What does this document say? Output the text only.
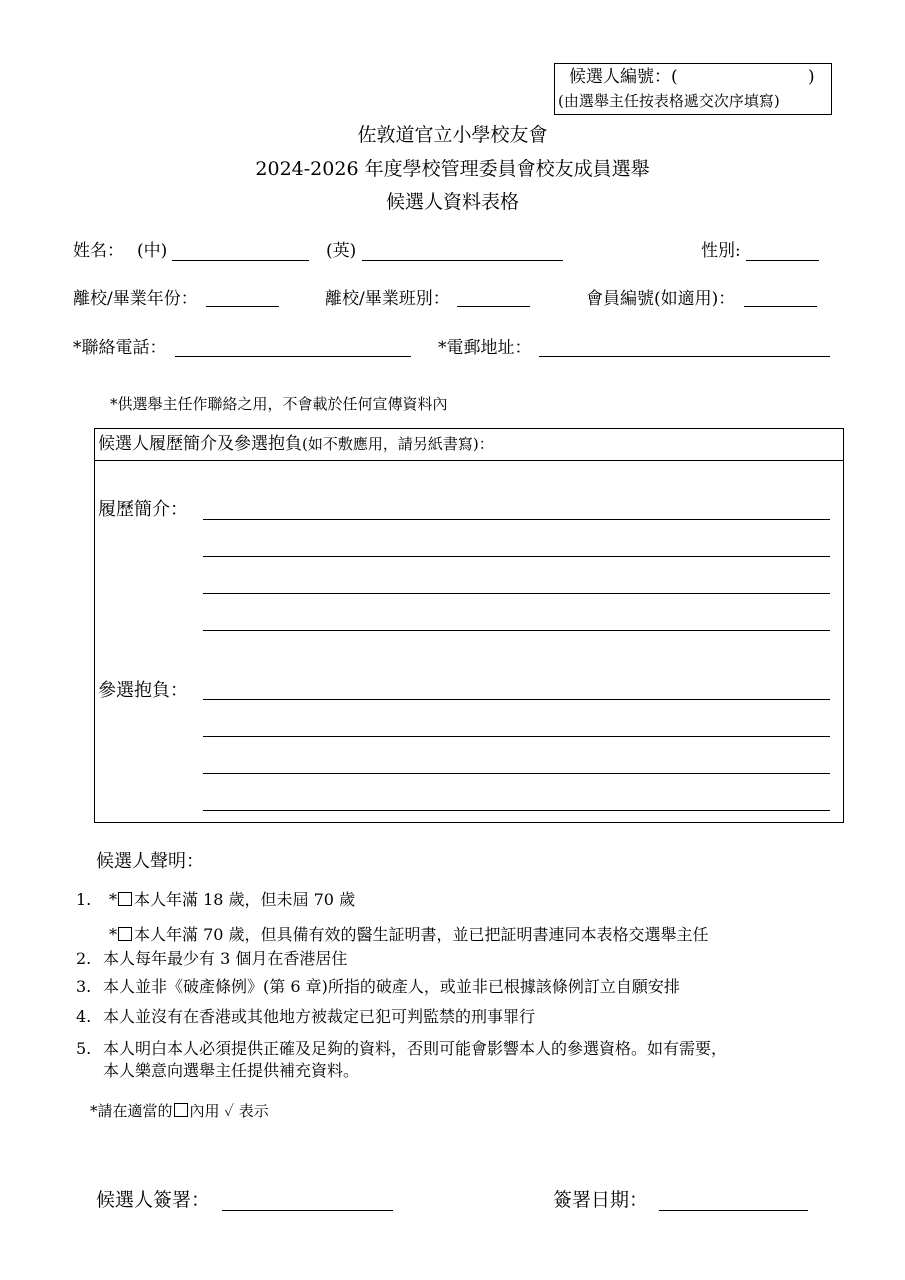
候選人編號：(	)
(由選舉主任按表格遞交次序填寫)
佐敦道官立小學校友會
2024-2026 年度學校管理委員會校友成員選舉
候選人資料表格
姓名： (中)	(英)	性別:
離校/畢業年份：	離校/畢業班別：	會員編號(如適用)：
*聯絡電話：	*電郵地址：
*供選舉主任作聯絡之用，不會載於任何宣傳資料內
候選人履歷簡介及參選抱負(如不敷應用，請另紙書寫)：
履歷簡介：
參選抱負：
候選人聲明：
1. * 本人年滿 18 歲，但未屆 70 歲
* 本人年滿 70 歲，但具備有效的醫生証明書，並已把証明書連同本表格交選舉主任
2. 本人每年最少有 3 個月在香港居住
3. 本人並非《破產條例》(第 6 章)所指的破產人，或並非已根據該條例訂立自願安排
4. 本人並沒有在香港或其他地方被裁定已犯可判監禁的刑事罪行
5. 本人明白本人必須提供正確及足夠的資料，否則可能會影響本人的參選資格。如有需要，
本人樂意向選舉主任提供補充資料。
*請在適當的 內用 ✓ 表示
候選人簽署：	簽署日期：
